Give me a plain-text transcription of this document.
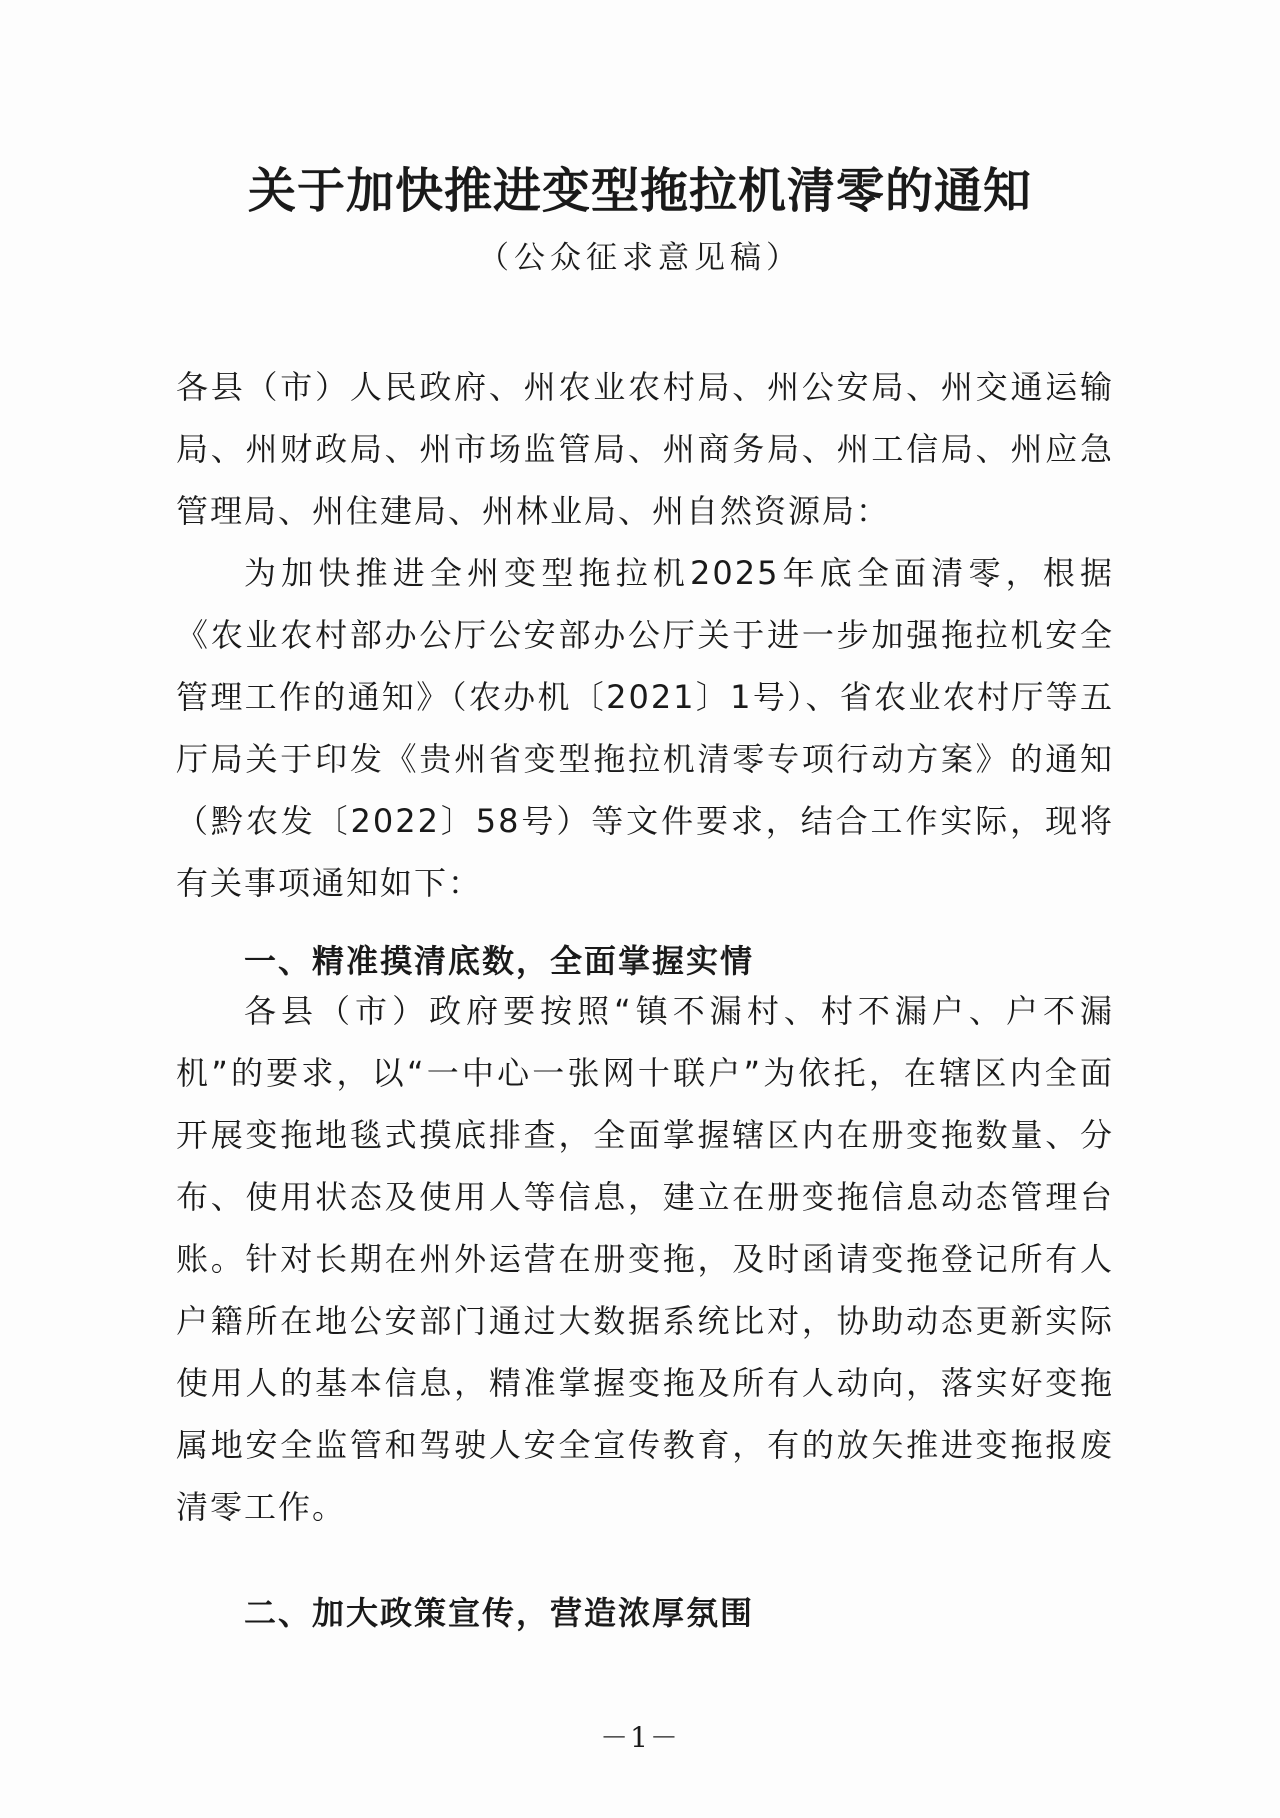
关于加快推进变型拖拉机清零的通知
（公众征求意见稿）

各县（市）人民政府、州农业农村局、州公安局、州交通运输局、州财政局、州市场监管局、州商务局、州工信局、州应急管理局、州住建局、州林业局、州自然资源局：

为加快推进全州变型拖拉机2025年底全面清零，根据《农业农村部办公厅公安部办公厅关于进一步加强拖拉机安全管理工作的通知》（农办机〔2021〕1号）、省农业农村厅等五厅局关于印发《贵州省变型拖拉机清零专项行动方案》的通知（黔农发〔2022〕58号）等文件要求，结合工作实际，现将有关事项通知如下：

一、精准摸清底数，全面掌握实情

各县（市）政府要按照“镇不漏村、村不漏户、户不漏机”的要求，以“一中心一张网十联户”为依托，在辖区内全面开展变拖地毯式摸底排查，全面掌握辖区内在册变拖数量、分布、使用状态及使用人等信息，建立在册变拖信息动态管理台账。针对长期在州外运营在册变拖，及时函请变拖登记所有人户籍所在地公安部门通过大数据系统比对，协助动态更新实际使用人的基本信息，精准掌握变拖及所有人动向，落实好变拖属地安全监管和驾驶人安全宣传教育，有的放矢推进变拖报废清零工作。

二、加大政策宣传，营造浓厚氛围
－1－
